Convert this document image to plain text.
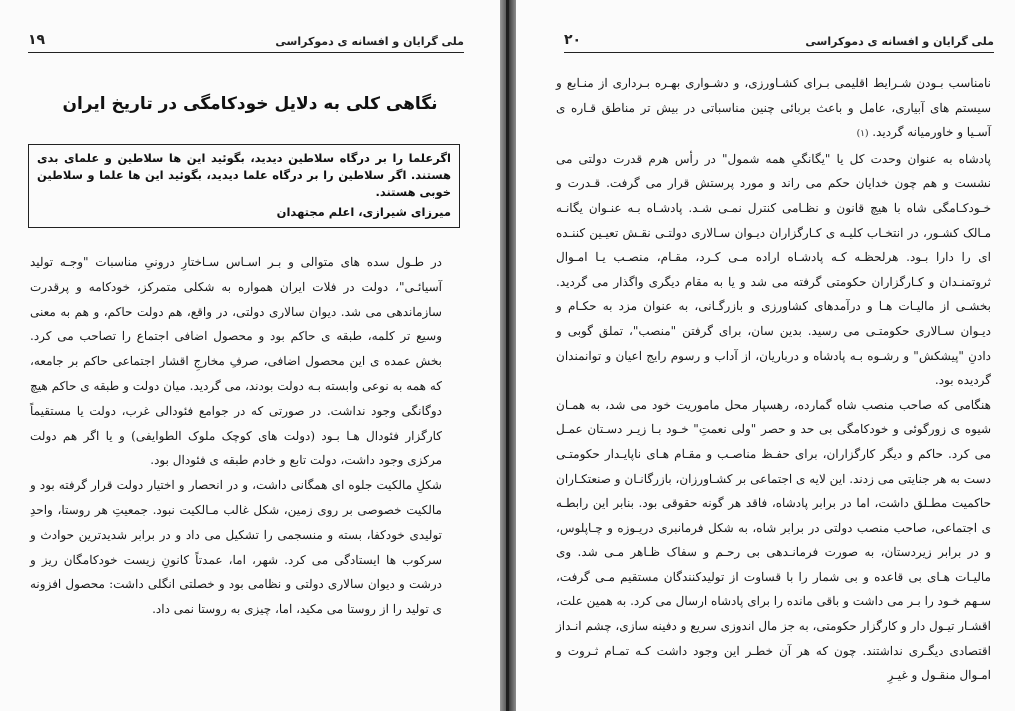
ملی گرایان و افسانه ی دموکراسی
۱۹
نگاهی کلی به دلایل خودکامگی در تاریخ ایران
اگرعلما را بر درگاه سلاطین دیدید، بگوئید این ها سلاطین و علمای بدی هستند. اگر سلاطین را بر درگاه علما دیدید، بگوئید این ها علما و سلاطین خوبی هستند.
میرزای شیرازی، اعلم مجتهدان

در طـول سده های متوالی و بـر اسـاس سـاختارِ درونیِ مناسبات "وجـه تولید آسیائـی"، دولت در فلات ایران همواره به شکلی متمرکز، خودکامه و پرقدرت سازماندهی می شد. دیوان سالاری دولتی، در واقع، هم دولت حاکم، و هم به معنی وسیع تر کلمه، طبقه ی حاکم بود و محصول اضافی اجتماع را تصاحب می کرد. بخش عمده ی این محصول اضافی، صرفِ مخارجِ اقشار اجتماعی حاکم بر جامعه، که همه به نوعی وابسته بـه دولت بودند، می گردید. میان دولت و طبقه ی حاکم هیچ دوگانگی وجود نداشت. در صورتی که در جوامع فئودالی غرب، دولت یا مستقیماً کارگزار فئودال هـا بـود (دولت های کوچک ملوک الطوایفی) و یا اگر هم دولت مرکزی وجود داشت، دولت تابع و خادم طبقه ی فئودال بود.

شکلِ مالکیت جلوه ای همگانی داشت، و در انحصار و اختیار دولت قرار گرفته بود و مالکیت خصوصی بر روی زمین، شکل غالب مـالکیت نبود. جمعیتِ هر روستا، واحدِ تولیدی خودکفا، بسته و منسجمی را تشکیل می داد و در برابر شدیدترین حوادث و سرکوب ها ایستادگی می کرد. شهر، اما، عمدتاً کانونِ زیست خودکامگان ریز و درشت و دیوان سالاری دولتی و نظامی بود و خصلتی انگلی داشت: محصول افزونه ی تولید را از روستا می مکید، اما، چیزی به روستا نمی داد.

ملی گرایان و افسانه ی دموکراسی
۲۰

نامناسب بـودن شـرایط اقلیمی بـرای کشـاورزی، و دشـواری بهـره بـرداری از منـابع و سیستم های آبیاری، عامل و باعث بربائی چنین مناسباتی در بیش تر مناطق قـاره ی آسـیا و خاورمیانه گردید. (۱)

پادشاه به عنوان وحدت کل یا "یگانگیِ همه شمول" در رأس هرم قدرت دولتی می نشست و هم چون خدایان حکم می راند و مورد پرستش قرار می گرفت. قـدرت و خـودکـامگی شاه با هیچ قانون و نظـامی کنترل نمـی شـد. پادشـاه بـه عنـوان یگانـه مـالک کشـور، در انتخـاب کلیـه ی کـارگزاران دیـوان سـالاری دولتـی نقـش تعیـین کننـده ای را دارا بـود. هرلحظـه کـه پادشـاه اراده مـی کـرد، مقـام، منصـب یـا امـوال ثروتمنـدان و کـارگزاران حکومتی گرفته می شد و یا به مقام دیگری واگذار می گردید. بخشـی از مالیـات هـا و درآمدهای کشاورزی و بازرگـانی، به عنوان مزد به حکـام و دیـوان سـالاری حکومتـی می رسید. بدین سان، برای گرفتن "منصب"، تملق گوبی و دادنِ "پیشکش" و رشـوه بـه پادشاه و درباریان، از آداب و رسوم رایج اعیان و توانمندان گردیده بود.

هنگامی که صاحب منصب شاه گمارده، رهسپار محل ماموریت خود می شد، به همـان شیوه ی زورگوئی و خودکامگی بی حد و حصر "ولی نعمتِ" خـود بـا زیـر دسـتان عمـل می کرد. حاکم و دیگر کارگزاران، برای حفـظ مناصـب و مقـام هـای ناپایـدار حکومتـی دست به هر جنایتی می زدند. این لایه ی اجتماعی بر کشـاورزان، بازرگانـان و صنعتکـاران حاکمیت مطـلق داشت، اما در برابر پادشاه، فاقد هر گونه حقوقی بود. بنابر این رابطـه ی اجتماعی، صاحب منصب دولتی در برابر شاه، به شکل فرمانبری دریـوزه و چـاپلوس، و در برابر زیردستان، به صورت فرمانـدهی بی رحـم و سفاک ظـاهر مـی شد. وی مالیـات هـای بی قاعده و بی شمار را با قساوت از تولیدکنندگان مستقیم مـی گرفت، سـهم خـود را بـر می داشت و باقی مانده را برای پادشاه ارسال می کرد. به همین علت، اقشـار تیـول دار و کارگزار حکومتی، به جز مال اندوزی سریع و دفینه سازی، چشم انـداز اقتصادی دیگـری نداشتند. چون که هر آن خطـر این وجود داشت کـه تمـام ثـروت و امـوال منقـول و غیـرِ
